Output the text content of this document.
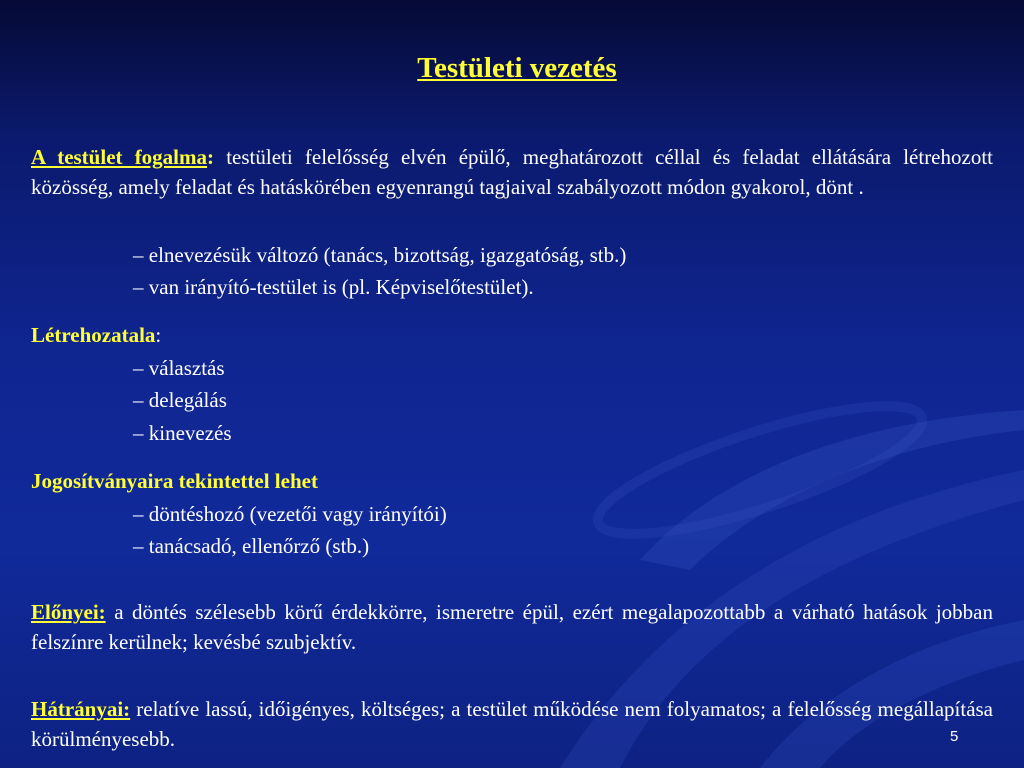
Testületi vezetés
A testület fogalma: testületi felelősség elvén épülő, meghatározott céllal és feladat ellátására létrehozott közösség, amely feladat és hatáskörében egyenrangú tagjaival szabályozott módon gyakorol, dönt .
– elnevezésük változó (tanács, bizottság, igazgatóság, stb.)
– van irányító-testület is (pl. Képviselőtestület).
Létrehozatala:
– választás
– delegálás
– kinevezés
Jogosítványaira tekintettel lehet
– döntéshozó (vezetői vagy irányítói)
– tanácsadó, ellenőrző (stb.)
Előnyei: a döntés szélesebb körű érdekkörre, ismeretre épül, ezért megalapozottabb a várható hatások jobban felszínre kerülnek; kevésbé szubjektív.
Hátrányai: relatíve lassú, időigényes, költséges; a testület működése nem folyamatos; a felelősség megállapítása körülményesebb.	5
